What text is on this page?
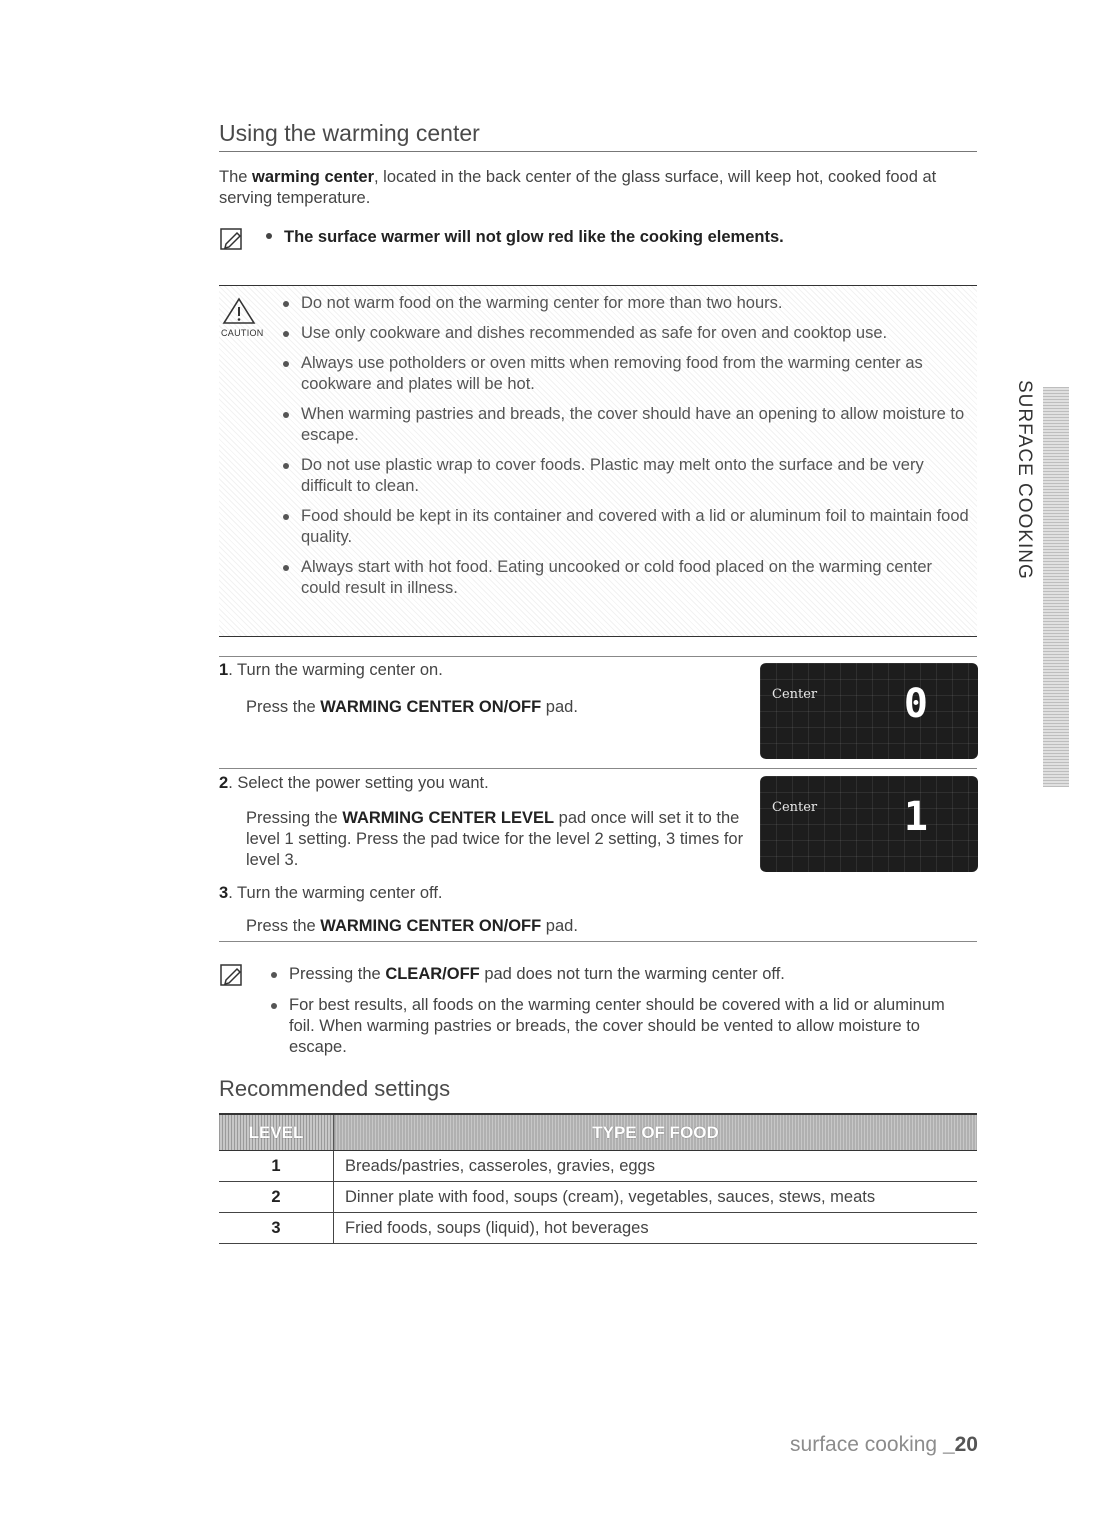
Using the warming center
The warming center, located in the back center of the glass surface, will keep hot, cooked food at serving temperature.
The surface warmer will not glow red like the cooking elements.
CAUTION
Do not warm food on the warming center for more than two hours.
Use only cookware and dishes recommended as safe for oven and cooktop use.
Always use potholders or oven mitts when removing food from the warming center as cookware and plates will be hot.
When warming pastries and breads, the cover should have an opening to allow moisture to escape.
Do not use plastic wrap to cover foods. Plastic may melt onto the surface and be very difficult to clean.
Food should be kept in its container and covered with a lid or aluminum foil to maintain food quality.
Always start with hot food. Eating uncooked or cold food placed on the warming center could result in illness.
1. Turn the warming center on.
Press the WARMING CENTER ON/OFF pad.
Center 0
2. Select the power setting you want.
Pressing the WARMING CENTER LEVEL pad once will set it to the level 1 setting. Press the pad twice for the level 2 setting, 3 times for level 3.
Center 1
3. Turn the warming center off.
Press the WARMING CENTER ON/OFF pad.
Pressing the CLEAR/OFF pad does not turn the warming center off.
For best results, all foods on the warming center should be covered with a lid or aluminum foil. When warming pastries or breads, the cover should be vented to allow moisture to escape.
Recommended settings
LEVEL	TYPE OF FOOD
1	Breads/pastries, casseroles, gravies, eggs
2	Dinner plate with food, soups (cream), vegetables, sauces, stews, meats
3	Fried foods, soups (liquid), hot beverages
SURFACE COOKING
surface cooking _20
